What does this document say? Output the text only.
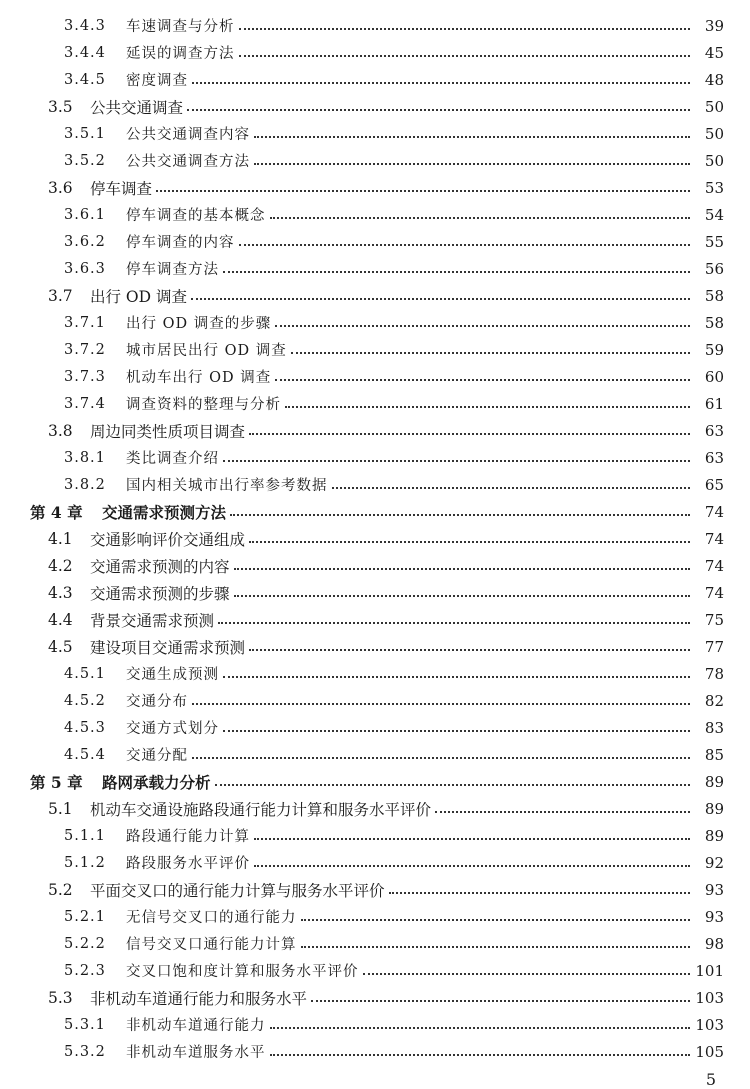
3.4.3	车速调查与分析	39
3.4.4	延误的调查方法	45
3.4.5	密度调查	48
3.5	公共交通调查	50
3.5.1	公共交通调查内容	50
3.5.2	公共交通调查方法	50
3.6	停车调查	53
3.6.1	停车调查的基本概念	54
3.6.2	停车调查的内容	55
3.6.3	停车调查方法	56
3.7	出行 OD 调查	58
3.7.1	出行 OD 调查的步骤	58
3.7.2	城市居民出行 OD 调查	59
3.7.3	机动车出行 OD 调查	60
3.7.4	调查资料的整理与分析	61
3.8	周边同类性质项目调查	63
3.8.1	类比调查介绍	63
3.8.2	国内相关城市出行率参考数据	65
第 4 章	交通需求预测方法	74
4.1	交通影响评价交通组成	74
4.2	交通需求预测的内容	74
4.3	交通需求预测的步骤	74
4.4	背景交通需求预测	75
4.5	建设项目交通需求预测	77
4.5.1	交通生成预测	78
4.5.2	交通分布	82
4.5.3	交通方式划分	83
4.5.4	交通分配	85
第 5 章	路网承载力分析	89
5.1	机动车交通设施路段通行能力计算和服务水平评价	89
5.1.1	路段通行能力计算	89
5.1.2	路段服务水平评价	92
5.2	平面交叉口的通行能力计算与服务水平评价	93
5.2.1	无信号交叉口的通行能力	93
5.2.2	信号交叉口通行能力计算	98
5.2.3	交叉口饱和度计算和服务水平评价	101
5.3	非机动车道通行能力和服务水平	103
5.3.1	非机动车道通行能力	103
5.3.2	非机动车道服务水平	105
5
